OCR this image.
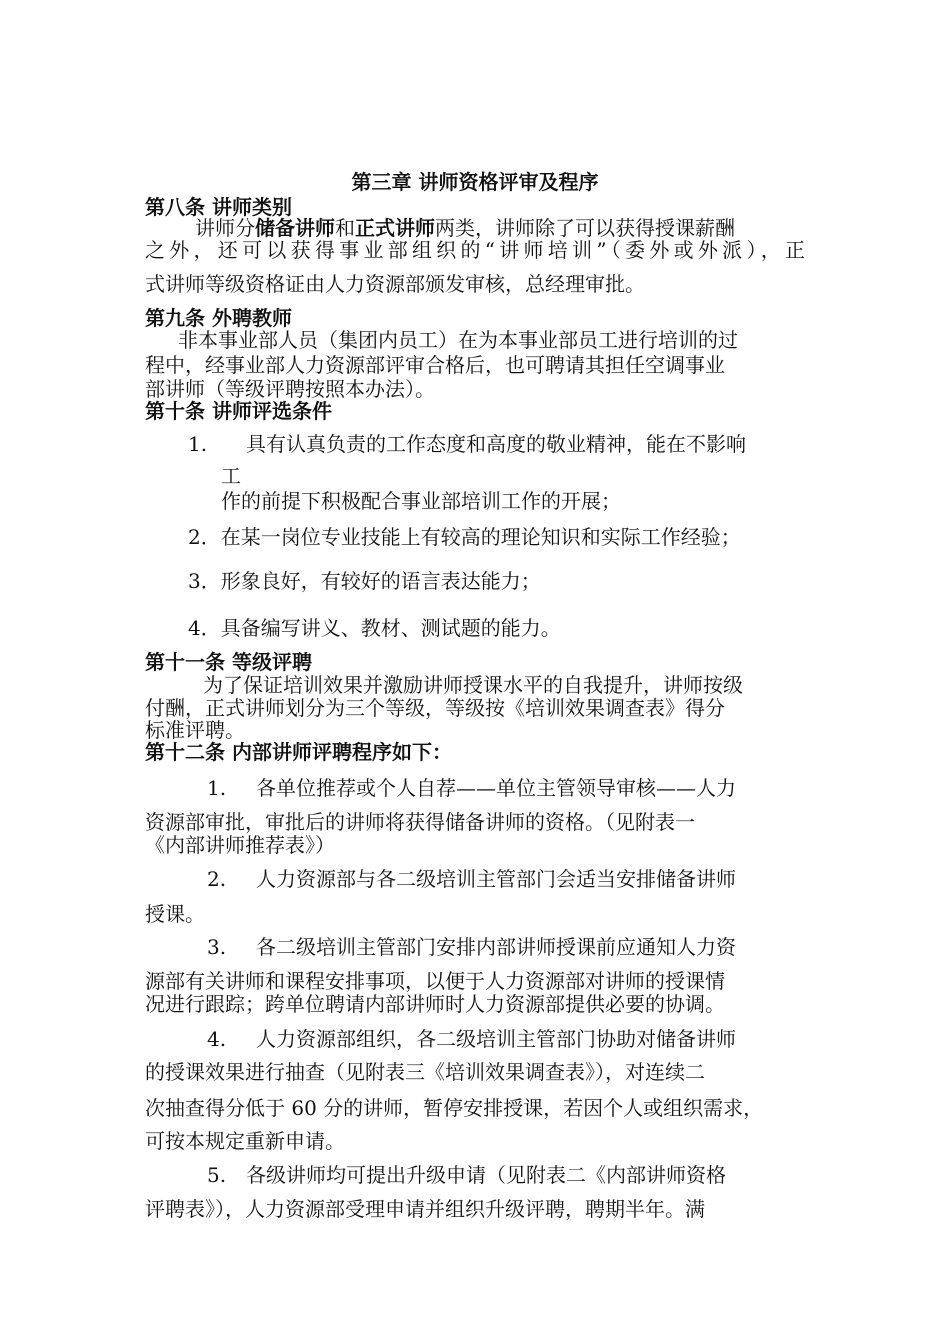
第三章 讲师资格评审及程序
第八条 讲师类别
讲师分储备讲师和正式讲师两类，讲师除了可以获得授课薪酬
之外，还可以获得事业部组织的“讲师培训”（委外或外派），正
式讲师等级资格证由人力资源部颁发审核，总经理审批。
第九条 外聘教师
非本事业部人员（集团内员工）在为本事业部员工进行培训的过
程中，经事业部人力资源部评审合格后，也可聘请其担任空调事业
部讲师（等级评聘按照本办法）。
第十条 讲师评选条件
1. 具有认真负责的工作态度和高度的敬业精神，能在不影响
工
作的前提下积极配合事业部培训工作的开展；
2．在某一岗位专业技能上有较高的理论知识和实际工作经验；
3．形象良好，有较好的语言表达能力；
4．具备编写讲义、教材、测试题的能力。
第十一条 等级评聘
为了保证培训效果并激励讲师授课水平的自我提升，讲师按级
付酬，正式讲师划分为三个等级，等级按《培训效果调查表》得分
标准评聘。
第十二条 内部讲师评聘程序如下：
1. 各单位推荐或个人自荐——单位主管领导审核——人力
资源部审批，审批后的讲师将获得储备讲师的资格。（见附表一
《内部讲师推荐表》）
2. 人力资源部与各二级培训主管部门会适当安排储备讲师
授课。
3. 各二级培训主管部门安排内部讲师授课前应通知人力资
源部有关讲师和课程安排事项，以便于人力资源部对讲师的授课情
况进行跟踪；跨单位聘请内部讲师时人力资源部提供必要的协调。
4. 人力资源部组织，各二级培训主管部门协助对储备讲师
的授课效果进行抽查（见附表三《培训效果调查表》），对连续二
次抽查得分低于 60 分的讲师，暂停安排授课，若因个人或组织需求，
可按本规定重新申请。
5. 各级讲师均可提出升级申请（见附表二《内部讲师资格
评聘表》），人力资源部受理申请并组织升级评聘，聘期半年。满
